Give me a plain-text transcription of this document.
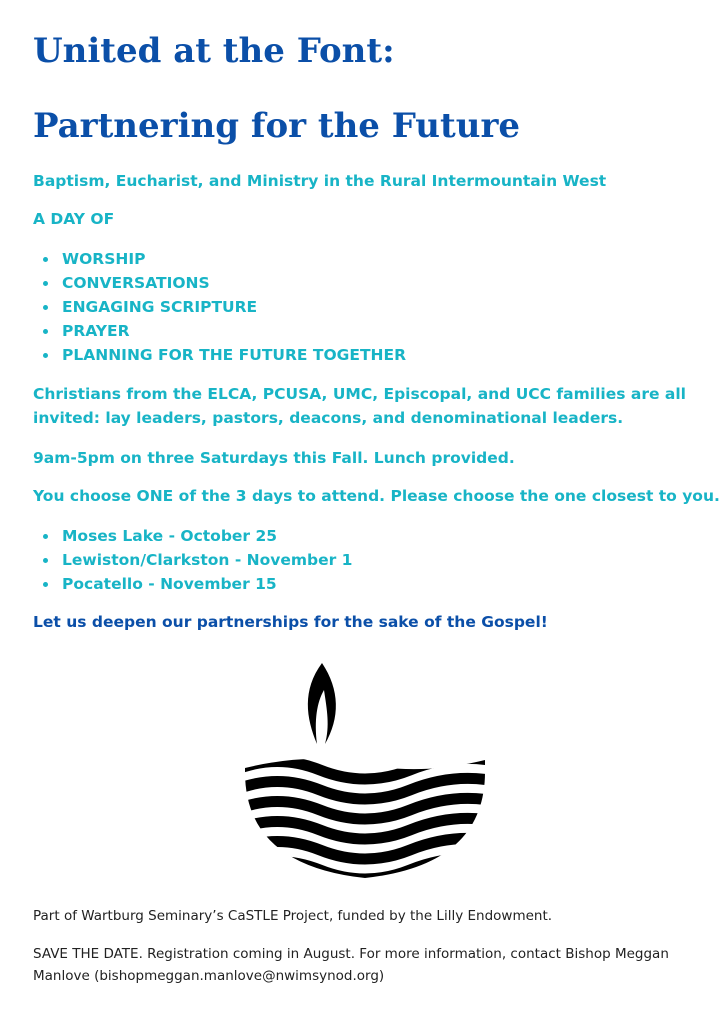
United at the Font:
Partnering for the Future
Baptism, Eucharist, and Ministry in the Rural Intermountain West
A DAY OF
WORSHIP
CONVERSATIONS
ENGAGING SCRIPTURE
PRAYER
PLANNING FOR THE FUTURE TOGETHER
Christians from the ELCA, PCUSA, UMC, Episcopal, and UCC families are all invited: lay leaders, pastors, deacons, and denominational leaders.
9am-5pm on three Saturdays this Fall. Lunch provided.
You choose ONE of the 3 days to attend. Please choose the one closest to you.
Moses Lake - October 25
Lewiston/Clarkston - November 1
Pocatello - November 15
Let us deepen our partnerships for the sake of the Gospel!
Part of Wartburg Seminary’s CaSTLE Project, funded by the Lilly Endowment.
SAVE THE DATE. Registration coming in August. For more information, contact Bishop Meggan Manlove (bishopmeggan.manlove@nwimsynod.org)
